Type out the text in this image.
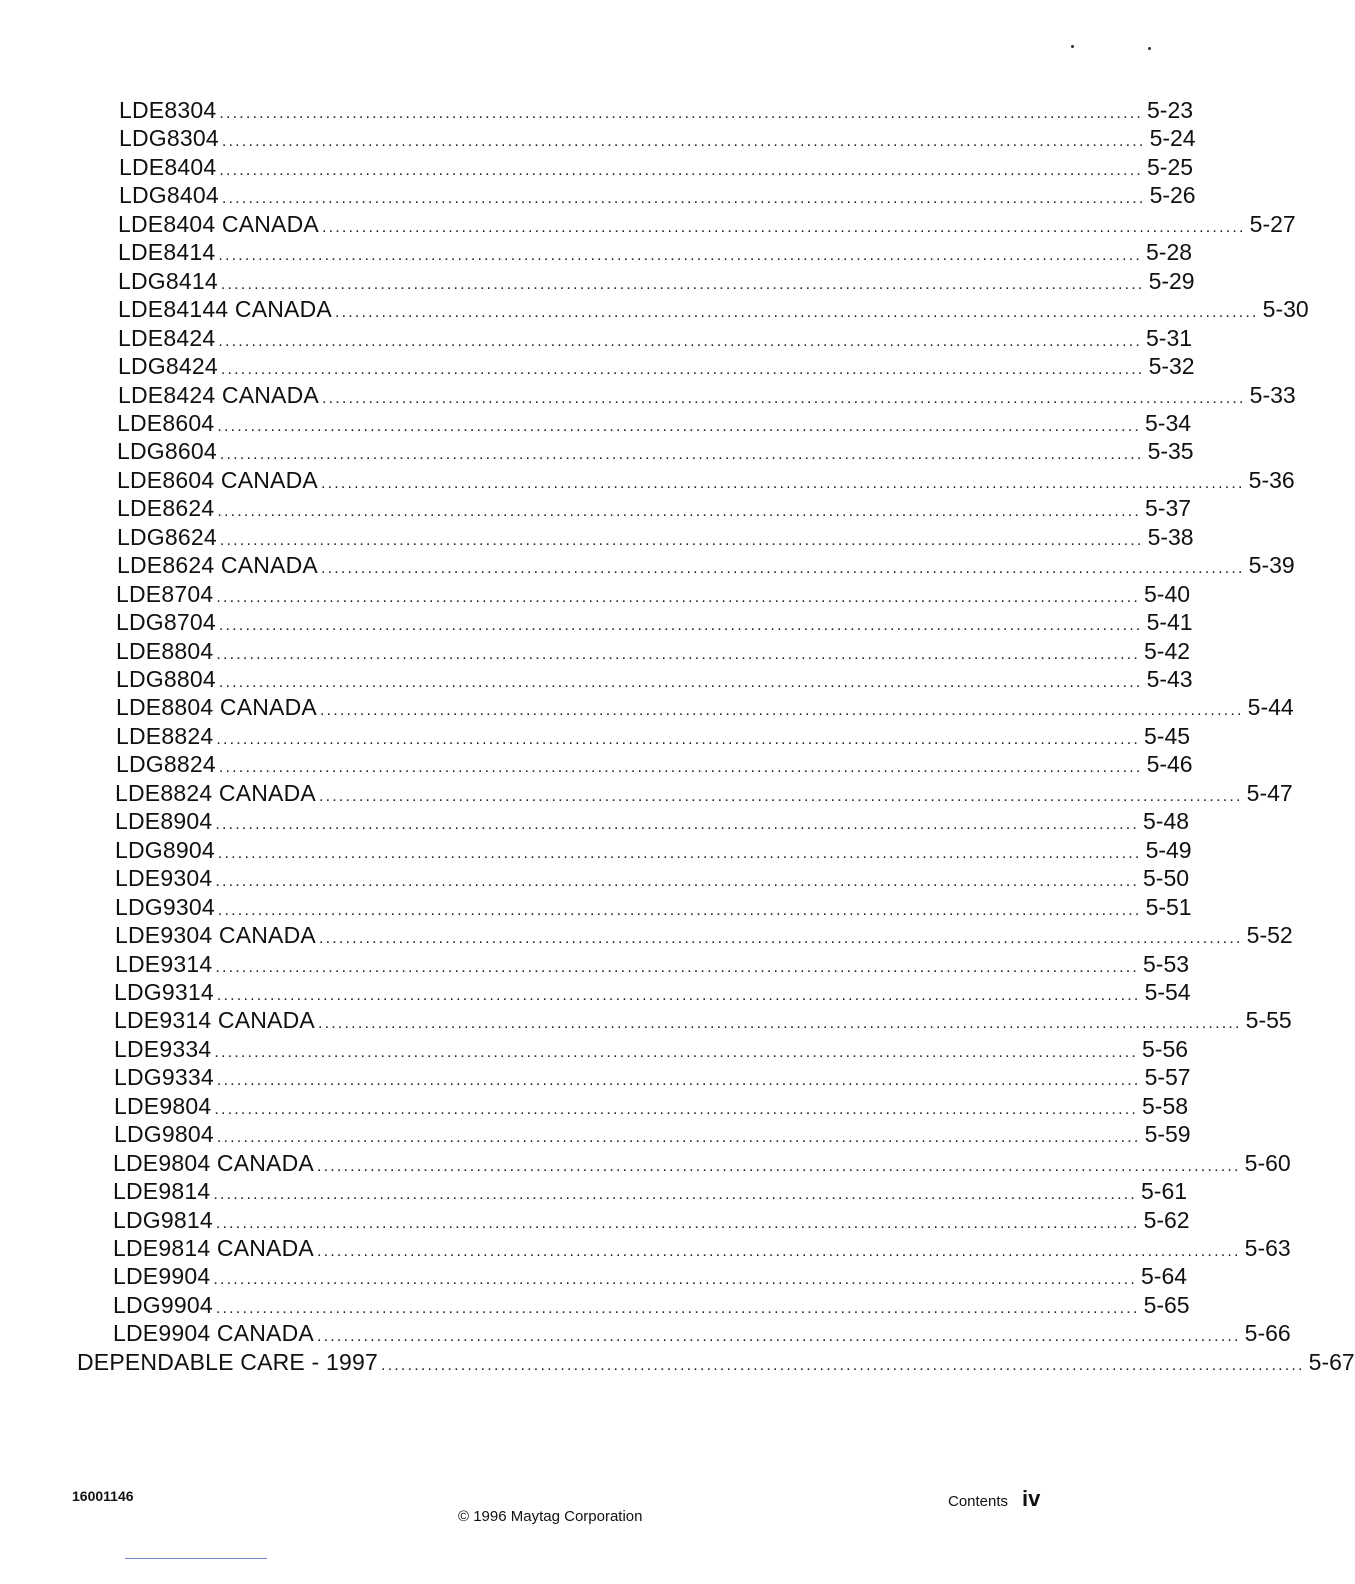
LDE8304 ........................................................................................................................................... 5-23
LDG8304 ........................................................................................................................................... 5-24
LDE8404 ........................................................................................................................................... 5-25
LDG8404 ........................................................................................................................................... 5-26
LDE8404 CANADA ........................................................................................................................................... 5-27
LDE8414 ........................................................................................................................................... 5-28
LDG8414 ........................................................................................................................................... 5-29
LDE84144 CANADA ........................................................................................................................................... 5-30
LDE8424 ........................................................................................................................................... 5-31
LDG8424 ........................................................................................................................................... 5-32
LDE8424 CANADA ........................................................................................................................................... 5-33
LDE8604 ........................................................................................................................................... 5-34
LDG8604 ........................................................................................................................................... 5-35
LDE8604 CANADA ........................................................................................................................................... 5-36
LDE8624 ........................................................................................................................................... 5-37
LDG8624 ........................................................................................................................................... 5-38
LDE8624 CANADA ........................................................................................................................................... 5-39
LDE8704 ........................................................................................................................................... 5-40
LDG8704 ........................................................................................................................................... 5-41
LDE8804 ........................................................................................................................................... 5-42
LDG8804 ........................................................................................................................................... 5-43
LDE8804 CANADA ........................................................................................................................................... 5-44
LDE8824 ........................................................................................................................................... 5-45
LDG8824 ........................................................................................................................................... 5-46
LDE8824 CANADA ........................................................................................................................................... 5-47
LDE8904 ........................................................................................................................................... 5-48
LDG8904 ........................................................................................................................................... 5-49
LDE9304 ........................................................................................................................................... 5-50
LDG9304 ........................................................................................................................................... 5-51
LDE9304 CANADA ........................................................................................................................................... 5-52
LDE9314 ........................................................................................................................................... 5-53
LDG9314 ........................................................................................................................................... 5-54
LDE9314 CANADA ........................................................................................................................................... 5-55
LDE9334 ........................................................................................................................................... 5-56
LDG9334 ........................................................................................................................................... 5-57
LDE9804 ........................................................................................................................................... 5-58
LDG9804 ........................................................................................................................................... 5-59
LDE9804 CANADA ........................................................................................................................................... 5-60
LDE9814 ........................................................................................................................................... 5-61
LDG9814 ........................................................................................................................................... 5-62
LDE9814 CANADA ........................................................................................................................................... 5-63
LDE9904 ........................................................................................................................................... 5-64
LDG9904 ........................................................................................................................................... 5-65
LDE9904 CANADA ........................................................................................................................................... 5-66
DEPENDABLE CARE - 1997 ........................................................................................................................................... 5-67
16001146
© 1996 Maytag Corporation
Contents iv
